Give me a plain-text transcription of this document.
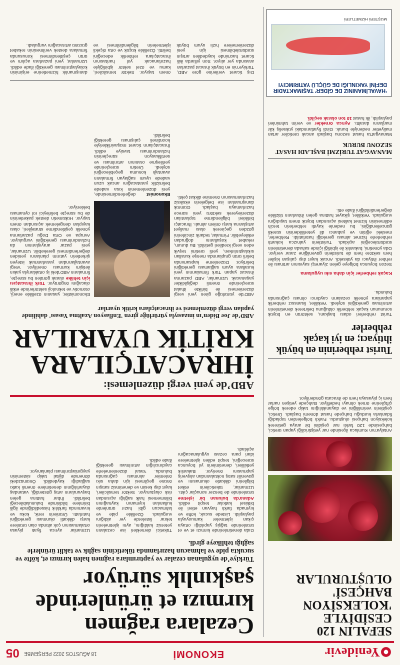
Yenidevir
EKONOMİ
18 AĞUSTOS 2022 PERŞEMBE
05
SEFALIN 120 CESİDİYLE 'KOLEKSİYON BAHÇESİ' OLUŞTURULAR
Antalya’nın Kumluca ilçesinde nar yetiştiriciliği yapan üretici, bahçesinde 120 farklı nar çeşidini bir araya getirerek koleksiyon bahçesi oluşturdu. Farklı bölgelerden topladığı fidanlarla kurduğu bahçede hasat dönemi başladı. Üretici, çeşitlerin verimliliğini ve dayanıklılığını takip ederek bölge çiftçilerine örnek olmayı hedefliyor. Bahçede yetişen narlar hem iç piyasaya hem de ihracata gönderiliyor.
Turist rehberinin en büyük ihtiyacı; en iyi kaçak rehberler
Turist rehberleri odası başkanı, sektörün en büyük sorununun kaçak rehberlik olduğunu belirterek denetimlerin artırılması gerektiğini söyledi. Yetkililer, lisanssız rehberlik yapanlara yönelik cezaların caydırıcı olması çağrısında bulundu.
Kaçak rehberler için daha sıkı uygulama
Sezon boyunca bölgeye gelen ziyaretçi sayısının artması ile rehber ihtiyacı da yükseldi. Ancak kayıt dışı çalışan kişiler hem sektöre hem de turistlerin güvenliğine zarar veriyor. Oda yönetimi, bakanlık ile işbirliği içinde sahada denetimlerin sürdürüleceğini açıkladı. Turistlerin yalnızca kokartlı rehberlerle hizmet alması gerektiği hatırlatıldı. Rehberler, mesleki eğitim ve yabancı dil yeterliliklerinin sürekli güncellendiğini, bu nedenle kayıtlı rehberlerin tercih edilmesinin hizmet kalitesi açısından büyük önem taşıdığını vurguladı. Yetkililer, şikayet hattına gelen ihbarların titizlikle değerlendirildiğini ifade etti.
MANAVGAT TURİZMİ BAŞLADI HASAT SEZONU BURUK
Manavgat’ta hasat sezonu başladı ancak üreticiler artan maliyetler nedeniyle buruk. Girdi fiyatlarındaki yükseliş kâr marjlarını daralttı. Ayrıca örnekler ve verim tahminleri paylaşıldı, ilk hasat 10 ton olarak seçildi.
‘HAVALİMANINIZ DE GİDER’ TAŞIMAKTADIR DEFİNİ YAKINLIĞI DE GÜÇLÜ YATIRIMCIYI
MÜŞTERİ HİZMETLERİ
Cezalara rağmen kırmızı et ürünlerinde şaşkınlık sürüyor
Türkiye’de uygulanan cezalar ve yaptırımlara rağmen halen kırmızı et, köfte ve sucukta pide ve lahmacun hazırlanında tüketicinin sağlık ve taklit ürünlerle sağlığı tehlikeye girdi.
Gıda denetimlerinde kırmızı et ve et ürünlerinde tağşiş yapıldığı ortaya çıkan işletmeler kamuoyuyla paylaşıldı. Listede sucuk, köfte ve kıymada farklı hayvan etleri ile bitkisel katkılar tespit edildi. Adana'da bulunan bir işletme ürünlerinde de benzer sonuçlar çıktı. Uzmanlar, tüketicilerin etiket bilgilerini dikkatle okumasını ve güvenilir satış noktalarından alışveriş yapmasını öneriyor. Bakanlık yetkilileri, denetimlerin yıl boyunca süreceğini, tespit edilen işletmelere idari para cezası uygulanacağını açıkladı.
Tüketici dernekleri ise cezaların yetersiz kaldığını, aynı işletmelerin tekrar listelerde yer aldığını vurguladı. Özellikle pide ve lahmacun gibi hazır ürünlerde kullanılan kıymanın kaynağının bilinmemesi halk sağlığı açısından risk oluşturuyor. Sektör temsilcileri, kayıt dışı kesim ve denetimsiz satışın önüne geçilmesi için daha sıkı önlemler alınması çağrısında bulundu. Yasal düzenlemelerle caydırıcılığın artırılması gerektiği ifade edildi.
Uzmanlar ayrıca fiyatı piyasa ortalamasının çok altında olan ürünlere karşı dikkatli olunması gerektiğini hatırlattı. Ürünlerin renk, koku ve kıvamında farklılık hissedildiğinde ilgili birimlere bildirimde bulunulabileceği belirtildi. İhbar hattına gelen başvuruların artış gösterdiği, vatandaş duyarlılığının denetimlere önemli katkı sağladığı kaydedildi. Önümüzdeki dönemde dijital takip sisteminin yaygınlaştırılması planlanıyor.
ABD’de yeni vergi düzenlemesi:
İHRACATÇILARA KRİTİK UYARILAR
ABD’de Joe Biden’ın imzasıyla yürürlüğe giren 'Enflasyon Azaltma Yasası' dahilinde yapılan vergi düzenlemesi ve ihracatçılara kritik uyarılar
ABD’de yürürlüğe giren yeni vergi düzenlemesi ile birlikte ithalat süreçlerinde önemli değişiklikler yaşanacak. Uzmanlar, ABD pazarına ihracat yapan Türk firmalarının yeni kurallara uyum sağlaması gerektiğini belirtiyor. Düzenleme kapsamında belirli ürün gruplarında menşe kuralları sıkılaştırılırken, yerli üretimi teşvik eden vergi kredileri getirildi. Bu durum, rekabet koşullarını doğrudan etkileyebilir. Firmalar, tedarik zincirlerini gözden geçirerek olası maliyet artışlarına karşı önlem almalı. İhracatçı birlikleri bilgilendirme toplantıları düzenleyerek sektörü yeni sürece hazırlamaya başladı. Gümrük danışmanları ise belgelerin eksiksiz hazırlanmasının önemine dikkat çekti.
Ekonomistler, yasanın özellikle enerji, otomotiv ve teknoloji sektörlerinde etkili olacağını öngörüyor. Türk ihracatçısı için tehlike olarak görülen bu süreçte, firmaların ABD’deki iş ortaklarıyla yakın iletişim kurması öneriliyor. Vergi avantajlarından yararlanmak isteyen şirketlerin yatırım planlarını yeniden değerlendirmesi gerekebilir. Uzmanlar, yeni pazar arayışlarının da hızlandırılması gerektiğini vurguluyor. Avrupa ve Orta Doğu pazarlarına yönelik çeşitlendirme stratejileri, olası kayıpları dengelemek açısından önem taşıyor. Hükümetin destek paketlerinin de bu süreçte belirleyici rol oynaması bekleniyor.
Ekonomist değerlendirmesinde, yeni düzenlemenin kısa vadede belirsizlik yaratacağını ancak uzun vadede uyum sağlayan firmaların avantajlı konuma geçebileceğini söyledi. Üretim süreçlerinde yerlileşme oranının artırılması ve sertifikasyon süreçlerinin hızlandırılması tavsiye edildi. İhracatçıların ticaret müşavirlikleriyle koordineli çalışması gerektiği belirtildi.
Dış ticaret verilerine göre ABD, Türkiye’nin en büyük ihracat pazarları arasında yer alıyor. Son yıllarda ikili ticaret hacminde kaydedilen artışın sürdürülebilmesi için yeni düzenlemelere hızlı uyum büyük önem taşıyor. Sektör temsilcileri, kamu ve özel sektör işbirliğiyle hazırlanacak yol haritasının ihracatçılara rehberlik edeceğini belirtti. Özellikle küçük ve orta ölçekli işletmelerin bilgilendirilmesi ve danışmanlık hizmetlerine erişiminin kolaylaştırılması gerektiği ifade edildi. Uzmanlar, yeni pazarlara açılım ve ürün çeşitlendirmesi konusunda firmalara destek verilmesinin rekabet gücünü artıracağını vurguladı.
